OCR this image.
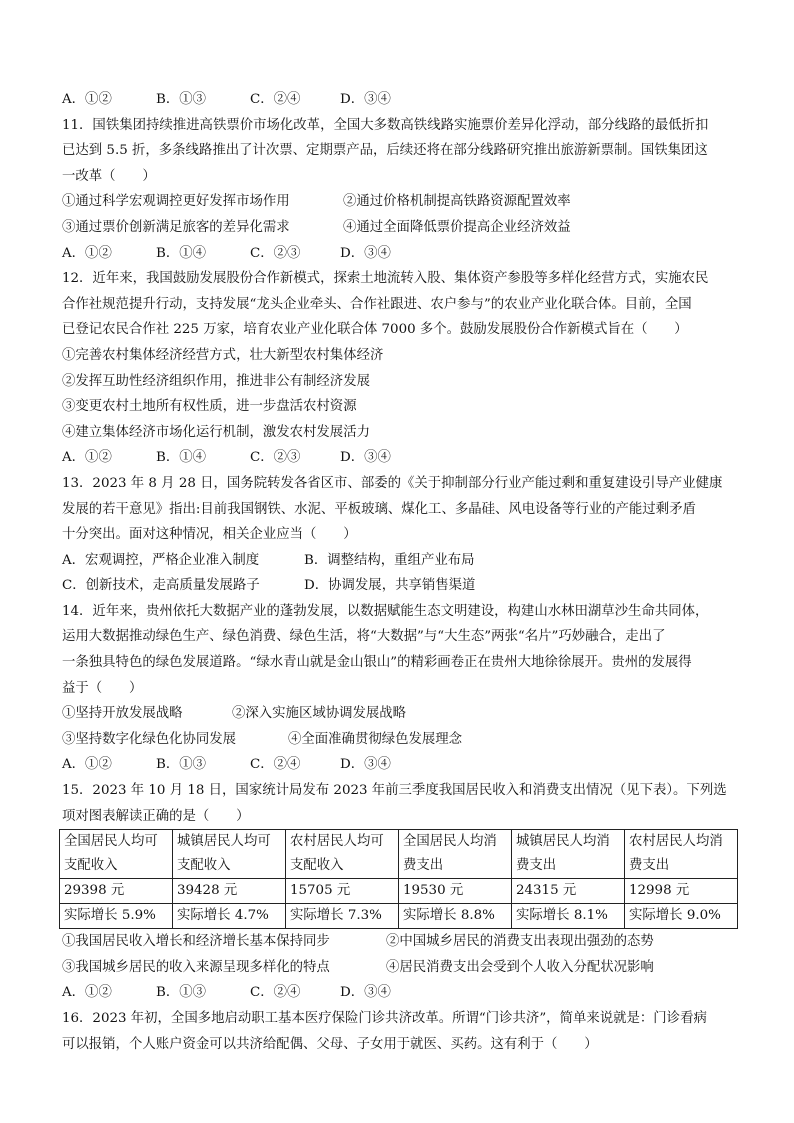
A．①②	B．①③	C．②④	D．③④
11．国铁集团持续推进高铁票价市场化改革，全国大多数高铁线路实施票价差异化浮动，部分线路的最低折扣
已达到 5.5 折，多条线路推出了计次票、定期票产品，后续还将在部分线路研究推出旅游新票制。国铁集团这
一改革（　　）
①通过科学宏观调控更好发挥市场作用	②通过价格机制提高铁路资源配置效率
③通过票价创新满足旅客的差异化需求	④通过全面降低票价提高企业经济效益
A．①②	B．①④	C．②③	D．③④
12．近年来，我国鼓励发展股份合作新模式，探索土地流转入股、集体资产参股等多样化经营方式，实施农民
合作社规范提升行动，支持发展“龙头企业牵头、合作社跟进、农户参与”的农业产业化联合体。目前，全国
已登记农民合作社 225 万家，培育农业产业化联合体 7000 多个。鼓励发展股份合作新模式旨在（　　）
①完善农村集体经济经营方式，壮大新型农村集体经济
②发挥互助性经济组织作用，推进非公有制经济发展
③变更农村土地所有权性质，进一步盘活农村资源
④建立集体经济市场化运行机制，激发农村发展活力
A．①②	B．①④	C．②③	D．③④
13．2023 年 8 月 28 日，国务院转发各省区市、部委的《关于抑制部分行业产能过剩和重复建设引导产业健康
发展的若干意见》指出:目前我国钢铁、水泥、平板玻璃、煤化工、多晶硅、风电设备等行业的产能过剩矛盾
十分突出。面对这种情况，相关企业应当（　　）
A．宏观调控，严格企业准入制度	B．调整结构，重组产业布局
C．创新技术，走高质量发展路子	D．协调发展，共享销售渠道
14．近年来，贵州依托大数据产业的蓬勃发展，以数据赋能生态文明建设，构建山水林田湖草沙生命共同体，
运用大数据推动绿色生产、绿色消费、绿色生活，将“大数据”与“大生态”两张“名片”巧妙融合，走出了
一条独具特色的绿色发展道路。“绿水青山就是金山银山”的精彩画卷正在贵州大地徐徐展开。贵州的发展得
益于（　　）
①坚持开放发展战略	②深入实施区域协调发展战略
③坚持数字化绿色化协同发展	④全面准确贯彻绿色发展理念
A．①②	B．①③	C．②④	D．③④
15．2023 年 10 月 18 日，国家统计局发布 2023 年前三季度我国居民收入和消费支出情况（见下表）。下列选
项对图表解读正确的是（　　）
全国居民人均可支配收入	城镇居民人均可支配收入	农村居民人均可支配收入	全国居民人均消费支出	城镇居民人均消费支出	农村居民人均消费支出
29398 元	39428 元	15705 元	19530 元	24315 元	12998 元
实际增长 5.9%	实际增长 4.7%	实际增长 7.3%	实际增长 8.8%	实际增长 8.1%	实际增长 9.0%
①我国居民收入增长和经济增长基本保持同步	②中国城乡居民的消费支出表现出强劲的态势
③我国城乡居民的收入来源呈现多样化的特点	④居民消费支出会受到个人收入分配状况影响
A．①②	B．①③	C．②④	D．③④
16．2023 年初，全国多地启动职工基本医疗保险门诊共济改革。所谓“门诊共济”，简单来说就是：门诊看病
可以报销，个人账户资金可以共济给配偶、父母、子女用于就医、买药。这有利于（　　）
